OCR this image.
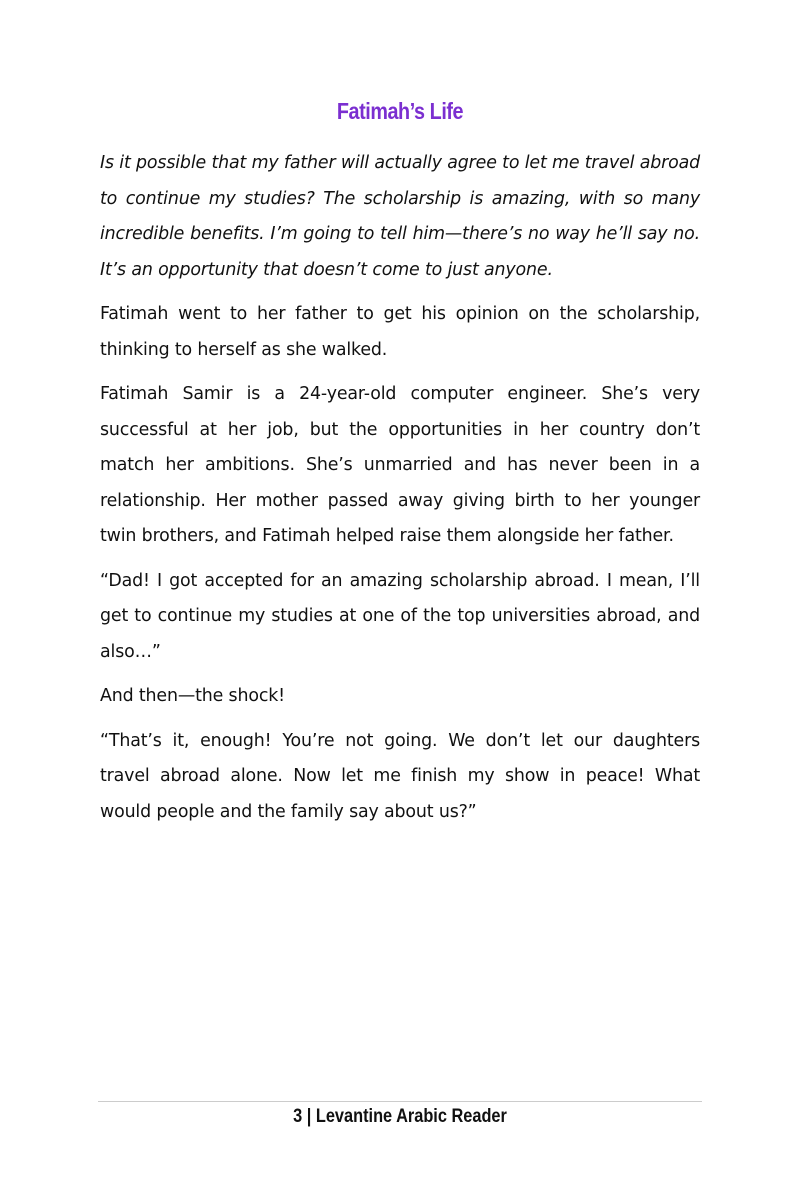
Fatimah’s Life

Is it possible that my father will actually agree to let me travel abroad to continue my studies? The scholarship is amazing, with so many incredible benefits. I’m going to tell him—there’s no way he’ll say no. It’s an opportunity that doesn’t come to just anyone.

Fatimah went to her father to get his opinion on the scholarship, thinking to herself as she walked.

Fatimah Samir is a 24-year-old computer engineer. She’s very successful at her job, but the opportunities in her country don’t match her ambitions. She’s unmarried and has never been in a relationship. Her mother passed away giving birth to her younger twin brothers, and Fatimah helped raise them alongside her father.

“Dad! I got accepted for an amazing scholarship abroad. I mean, I’ll get to continue my studies at one of the top universities abroad, and also…”

And then—the shock!

“That’s it, enough! You’re not going. We don’t let our daughters travel abroad alone. Now let me finish my show in peace! What would people and the family say about us?”

3 | Levantine Arabic Reader
